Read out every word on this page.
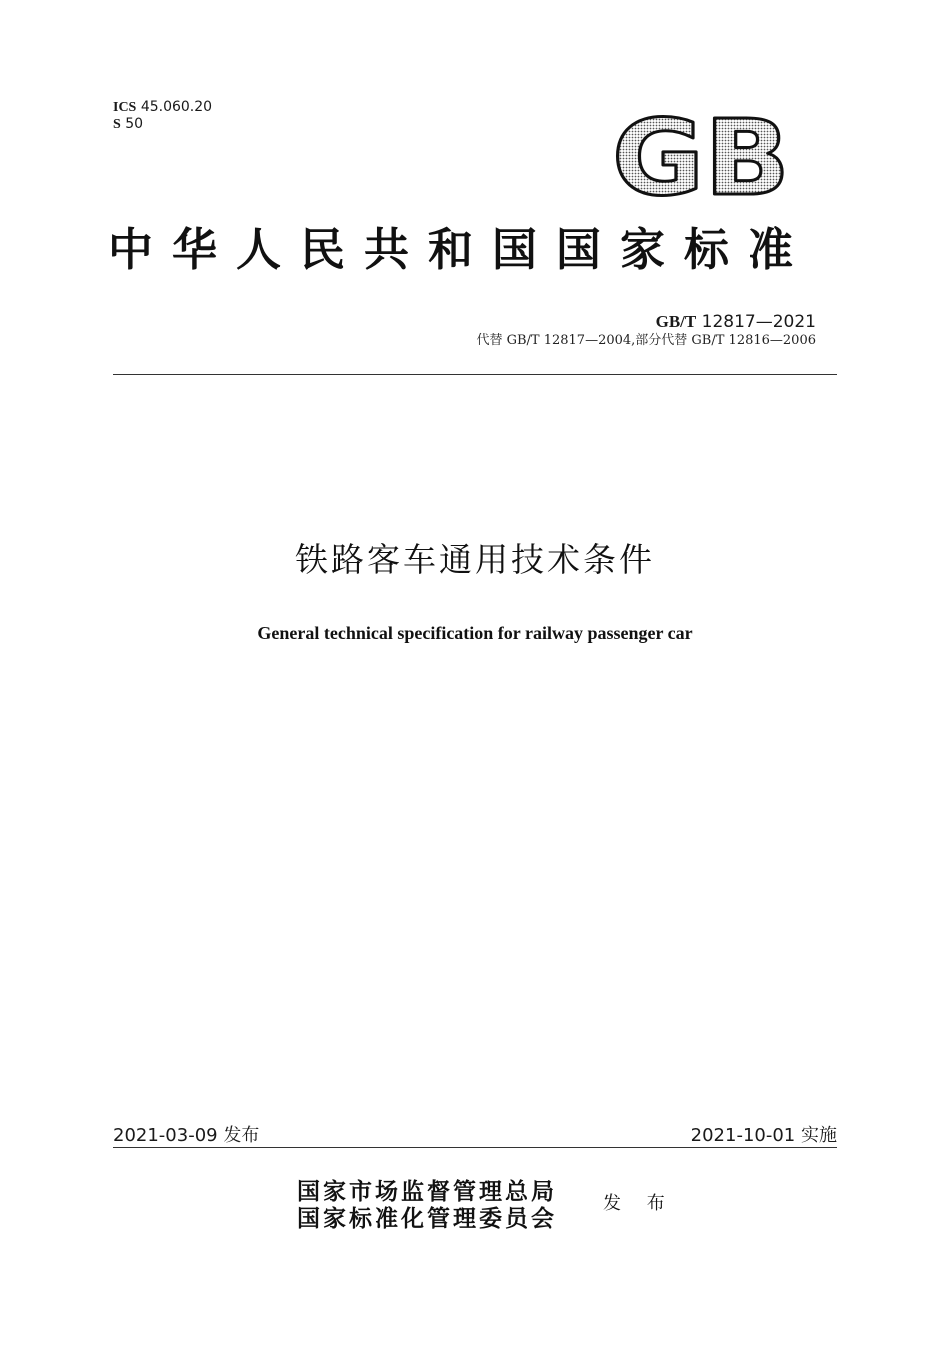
ICS 45.060.20
S 50	GB
中华人民共和国国家标准
GB/T 12817—2021
代替 GB/T 12817—2004,部分代替 GB/T 12816—2006
铁路客车通用技术条件
General technical specification for railway passenger car
2021-03-09 发布	2021-10-01 实施
国家市场监督管理总局
国家标准化管理委员会
发 布
